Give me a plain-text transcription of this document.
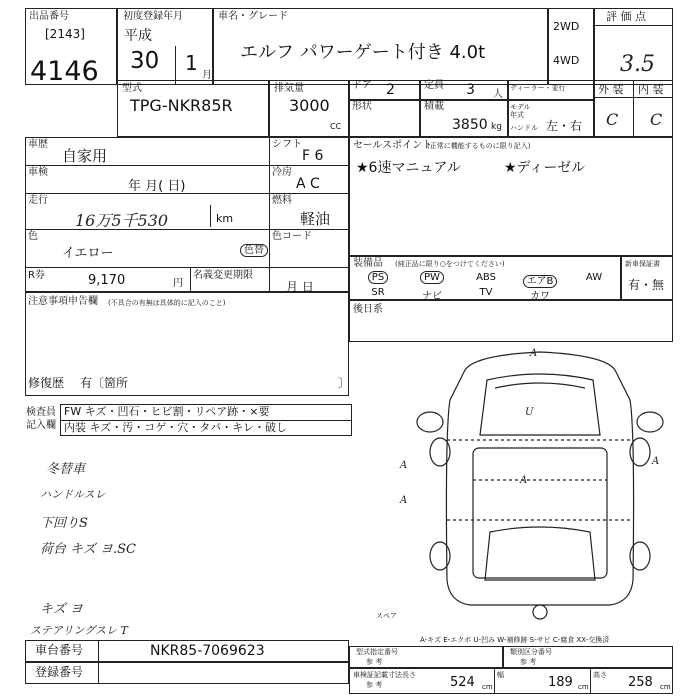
出品番号
[2143]
4146
初度登録年月
平成
30 1
月
車名・グレード
エルフ パワーゲート付き 4.0t
2WD
4WD
評 価 点
3.5
型式
TPG-NKR85R
排気量
3000
CC
ドア 2	定員 3 人
ディーラー・並行
形状	積載
3850 kg
モデル年式
ハンドル 左・右
外 装 内 装
C C
車歴
自家用
シフト
F 6
車検
年 月( 日)
冷房
A C
走行
16万5千530	km
燃料
軽油
色
イエロー	色替
色コード
R券	9,170	円
名義変更期限
月 日
注意事項申告欄 (不具合の有無は具体的に記入のこと)
修復歴 有〔箇所	〕
セールスポイント
(正常に機能するものに限り記入)
★6速マニュアル	★ディーゼル
装備品 (純正品に限り○をつけてください)
PS	PW	ABS	エアB	AW
SR	ナビ	TV	カワ
新車保証書
有・無
後日系
検査員
記入欄
FW キズ・凹石・ヒビ割・リペア跡・×要
内装 キズ・汚・コゲ・穴・タバ・キレ・破し
冬替車
ハンドルスレ
下回りS
荷台 キズ ヨ.SC
キズ ヨ
ステアリングスレ T
A
U
A	A
A
A
スペア
A-キズ E-エクボ U-凹み W-補修跡 S-サビ C-腐食 XX-交換済
車台番号	NKR85-7069623
登録番号
型式指定番号
参 考
類別区分番号
参 考
車検証記載寸法
参 考
長さ	524 cm
幅	189 cm
高さ 258 cm
